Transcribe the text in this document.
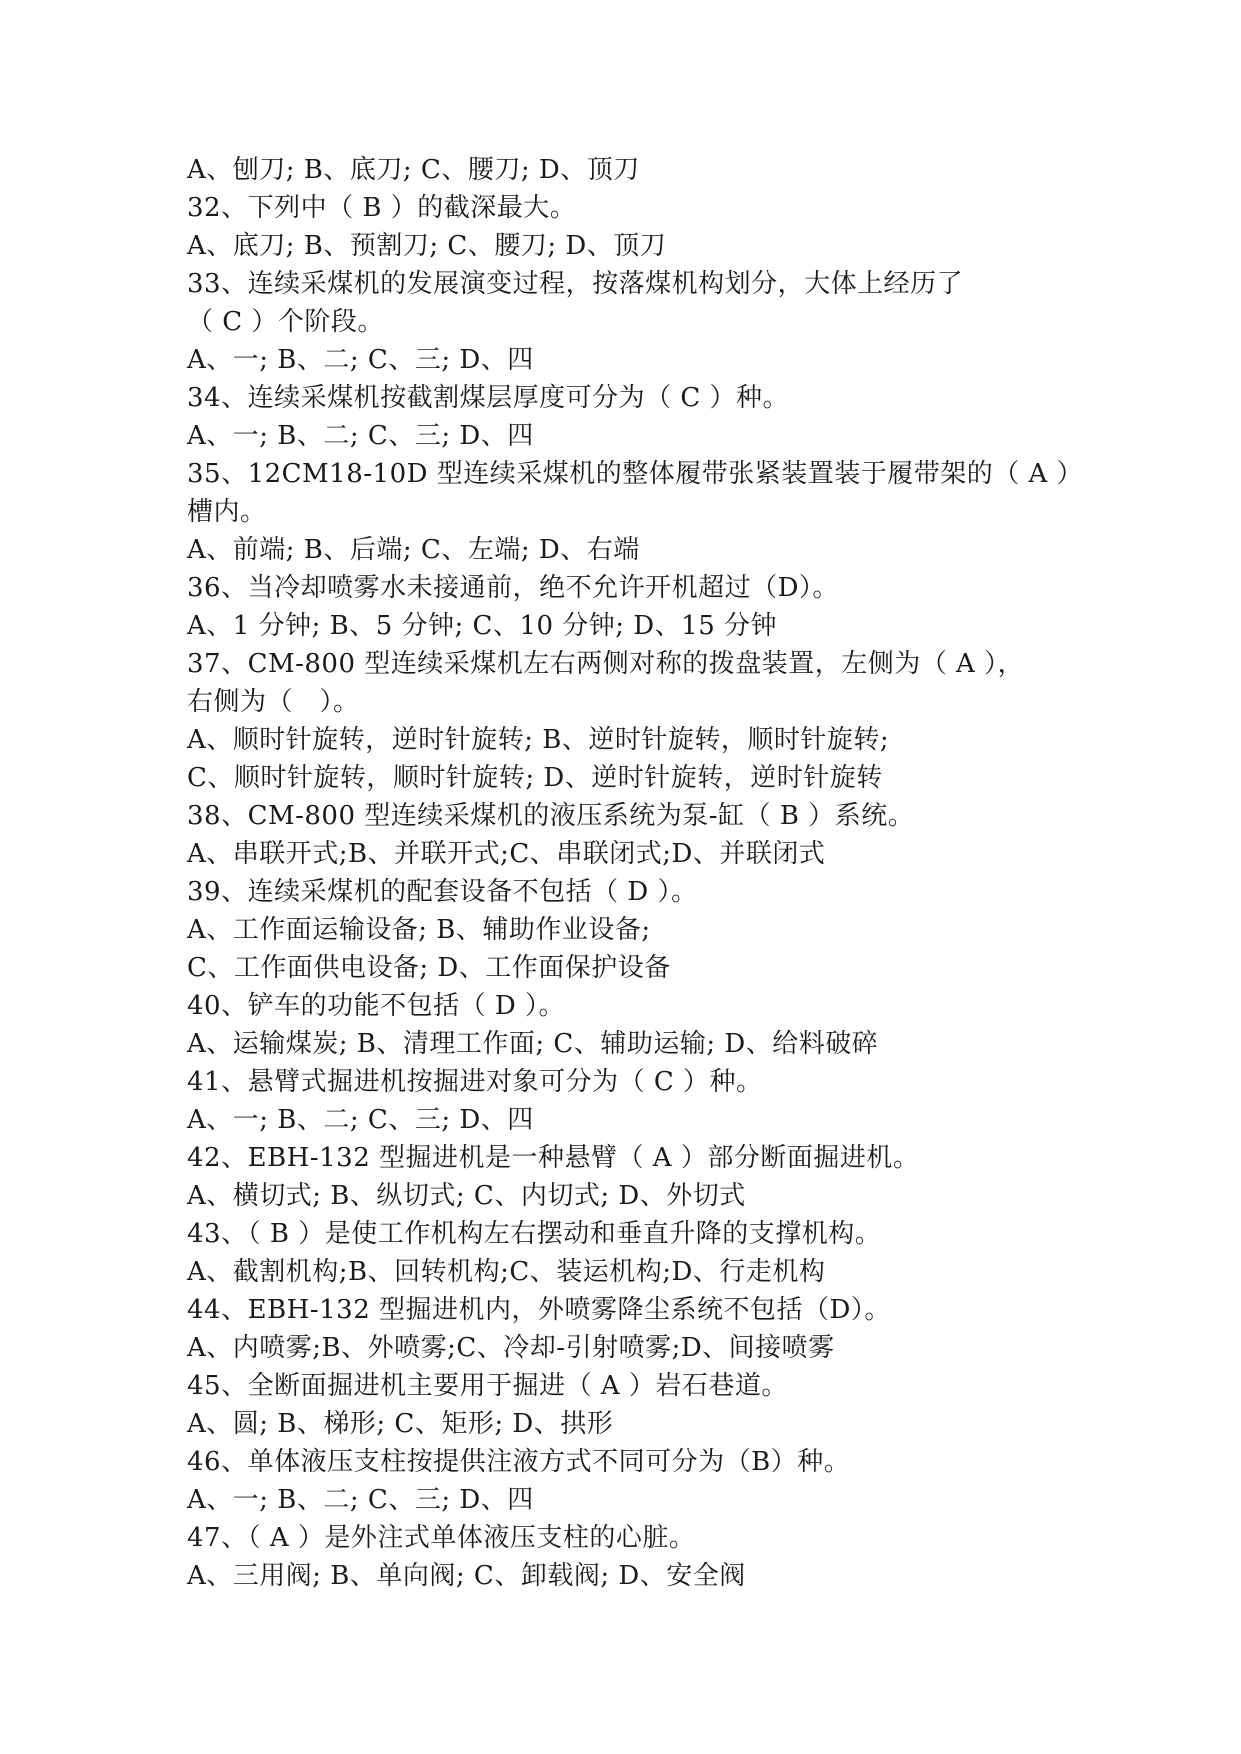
A、刨刀; B、底刀; C、腰刀; D、顶刀
32、下列中（ B ）的截深最大。
A、底刀; B、预割刀; C、腰刀; D、顶刀
33、连续采煤机的发展演变过程，按落煤机构划分，大体上经历了
（ C ）个阶段。
A、一; B、二; C、三; D、四
34、连续采煤机按截割煤层厚度可分为（ C ）种。
A、一; B、二; C、三; D、四
35、12CM18-10D 型连续采煤机的整体履带张紧装置装于履带架的（ A ）
槽内。
A、前端; B、后端; C、左端; D、右端
36、当冷却喷雾水未接通前，绝不允许开机超过（D）。
A、1 分钟; B、5 分钟; C、10 分钟; D、15 分钟
37、CM-800 型连续采煤机左右两侧对称的拨盘装置，左侧为（ A ），
右侧为（　）。
A、顺时针旋转，逆时针旋转; B、逆时针旋转，顺时针旋转;
C、顺时针旋转，顺时针旋转; D、逆时针旋转，逆时针旋转
38、CM-800 型连续采煤机的液压系统为泵-缸（ B ）系统。
A、串联开式;B、并联开式;C、串联闭式;D、并联闭式
39、连续采煤机的配套设备不包括（ D ）。
A、工作面运输设备; B、辅助作业设备;
C、工作面供电设备; D、工作面保护设备
40、铲车的功能不包括（ D ）。
A、运输煤炭; B、清理工作面; C、辅助运输; D、给料破碎
41、悬臂式掘进机按掘进对象可分为（ C ）种。
A、一; B、二; C、三; D、四
42、EBH-132 型掘进机是一种悬臂（ A ）部分断面掘进机。
A、横切式; B、纵切式; C、内切式; D、外切式
43、（ B ）是使工作机构左右摆动和垂直升降的支撑机构。
A、截割机构;B、回转机构;C、装运机构;D、行走机构
44、EBH-132 型掘进机内，外喷雾降尘系统不包括（D）。
A、内喷雾;B、外喷雾;C、冷却-引射喷雾;D、间接喷雾
45、全断面掘进机主要用于掘进（ A ）岩石巷道。
A、圆; B、梯形; C、矩形; D、拱形
46、单体液压支柱按提供注液方式不同可分为（B）种。
A、一; B、二; C、三; D、四
47、（ A ）是外注式单体液压支柱的心脏。
A、三用阀; B、单向阀; C、卸载阀; D、安全阀
